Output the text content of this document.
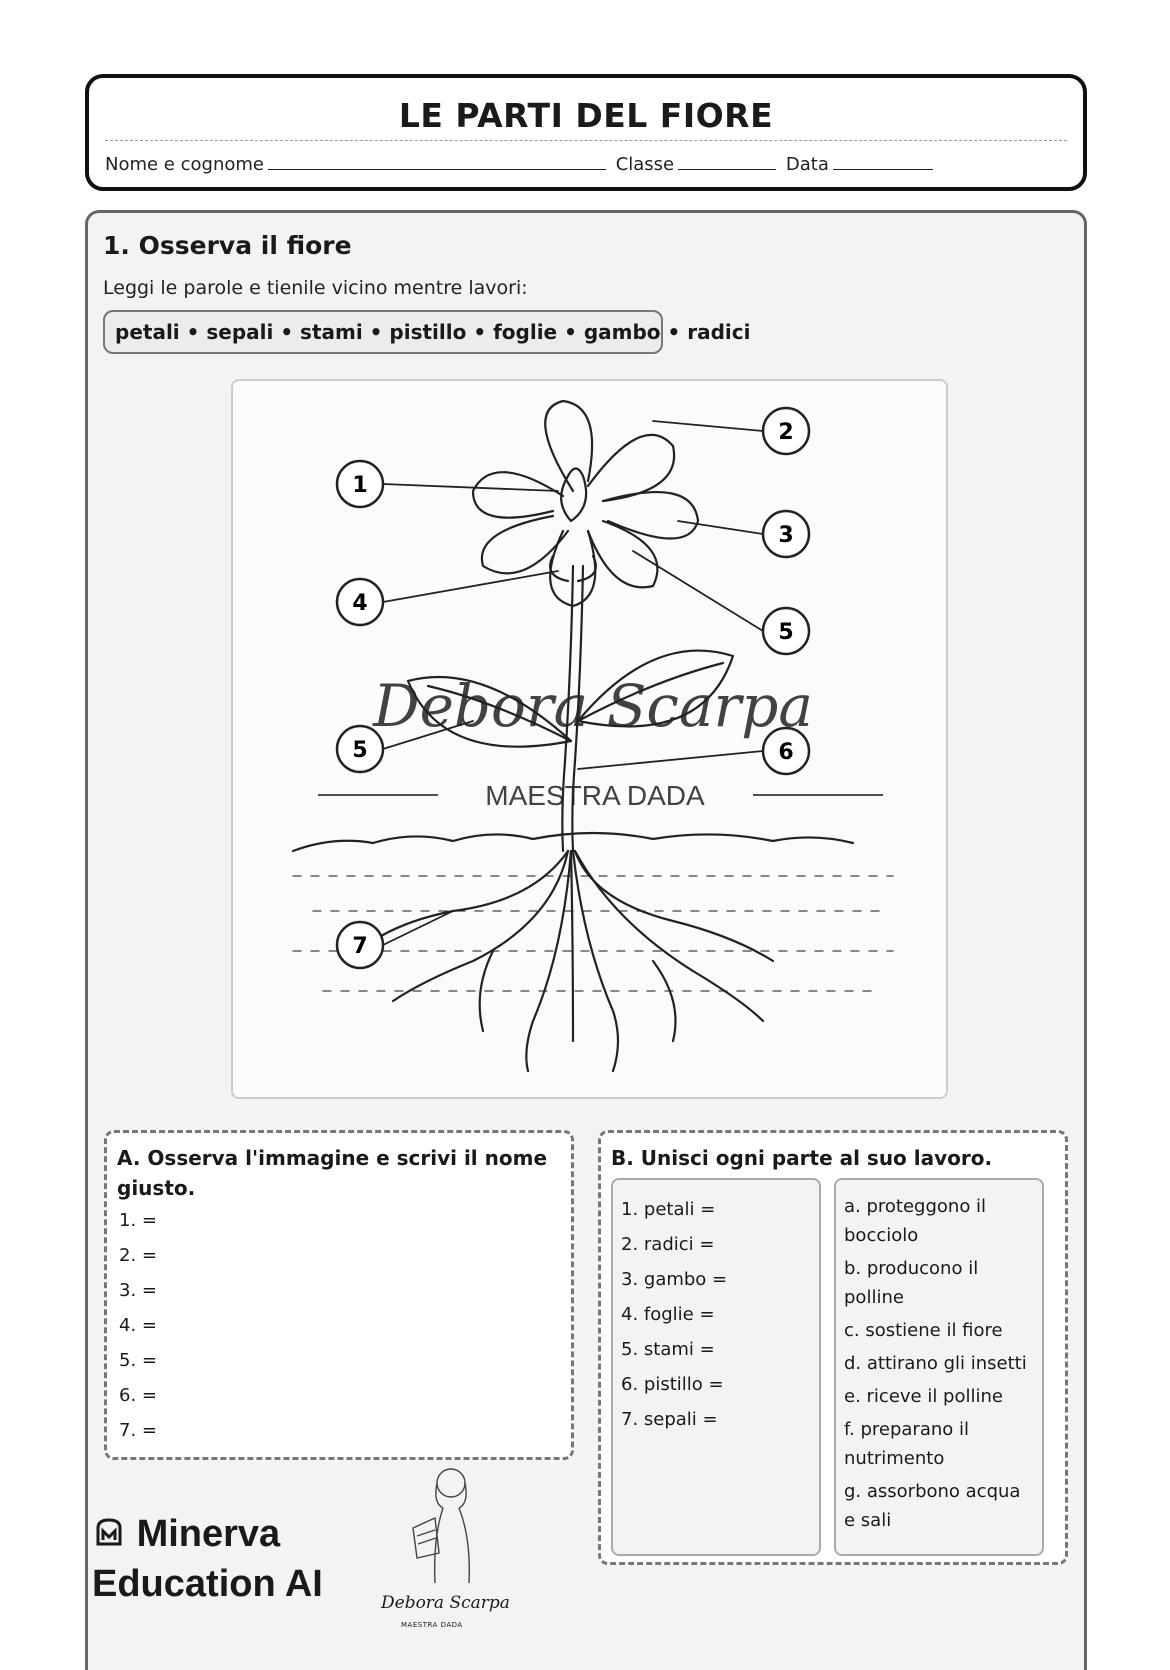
LE PARTI DEL FIORE
Nome e cognome	Classe	Data
1. Osserva il fiore
Leggi le parole e tienile vicino mentre lavori:
petali • sepali • stami • pistillo • foglie • gambo • radici
1
2
3
4
5
5	6
7
Debora Scarpa
MAESTRA DADA
A. Osserva l'immagine e scrivi il nome giusto.
1. =
2. =
3. =
4. =
5. =
6. =
7. =
B. Unisci ogni parte al suo lavoro.
1. petali =
2. radici =
3. gambo =
4. foglie =
5. stami =
6. pistillo =
7. sepali =
a. proteggono il bocciolo
b. producono il polline
c. sostiene il fiore
d. attirano gli insetti
e. riceve il polline
f. preparano il nutrimento
g. assorbono acqua e sali
Minerva
Education AI	Debora Scarpa
MAESTRA DADA
